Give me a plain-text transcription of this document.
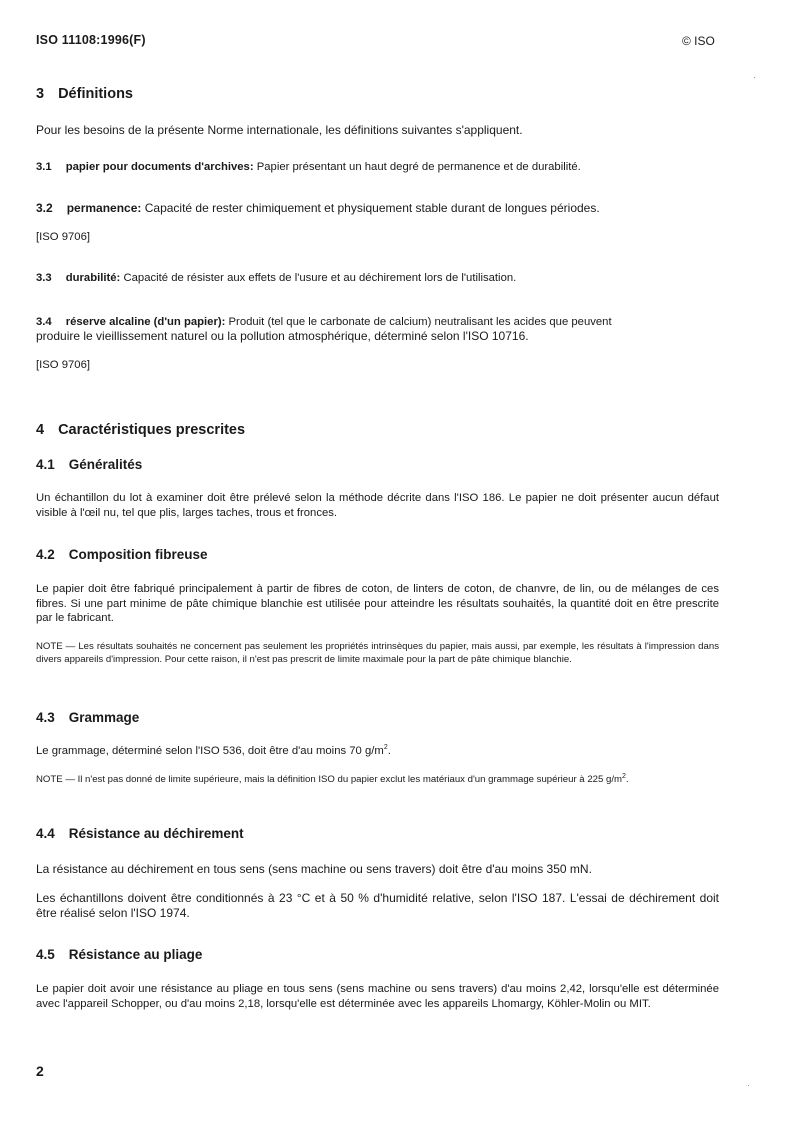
ISO 11108:1996(F)	© ISO
3 Définitions
Pour les besoins de la présente Norme internationale, les définitions suivantes s'appliquent.
3.1 papier pour documents d'archives: Papier présentant un haut degré de permanence et de durabilité.
3.2 permanence: Capacité de rester chimiquement et physiquement stable durant de longues périodes.
[ISO 9706]
3.3 durabilité: Capacité de résister aux effets de l'usure et au déchirement lors de l'utilisation.
3.4 réserve alcaline (d'un papier): Produit (tel que le carbonate de calcium) neutralisant les acides que peuvent
produire le vieillissement naturel ou la pollution atmosphérique, déterminé selon l'ISO 10716.
[ISO 9706]
4 Caractéristiques prescrites
4.1 Généralités
Un échantillon du lot à examiner doit être prélevé selon la méthode décrite dans l'ISO 186. Le papier ne doit présenter aucun défaut visible à l'œil nu, tel que plis, larges taches, trous et fronces.
4.2 Composition fibreuse
Le papier doit être fabriqué principalement à partir de fibres de coton, de linters de coton, de chanvre, de lin, ou de mélanges de ces fibres. Si une part minime de pâte chimique blanchie est utilisée pour atteindre les résultats souhaités, la quantité doit en être prescrite par le fabricant.
NOTE — Les résultats souhaités ne concernent pas seulement les propriétés intrinsèques du papier, mais aussi, par exemple, les résultats à l'impression dans divers appareils d'impression. Pour cette raison, il n'est pas prescrit de limite maximale pour la part de pâte chimique blanchie.
4.3 Grammage
Le grammage, déterminé selon l'ISO 536, doit être d'au moins 70 $g/m^2$.
NOTE — Il n'est pas donné de limite supérieure, mais la définition ISO du papier exclut les matériaux d'un grammage supérieur à 225 $g/m^2$.
4.4 Résistance au déchirement
La résistance au déchirement en tous sens (sens machine ou sens travers) doit être d'au moins 350 mN.
Les échantillons doivent être conditionnés à 23 °C et à 50 % d'humidité relative, selon l'ISO 187. L'essai de déchirement doit être réalisé selon l'ISO 1974.
4.5 Résistance au pliage
Le papier doit avoir une résistance au pliage en tous sens (sens machine ou sens travers) d'au moins 2,42, lorsqu'elle est déterminée avec l'appareil Schopper, ou d'au moins 2,18, lorsqu'elle est déterminée avec les appareils Lhomargy, Köhler-Molin ou MIT.
2
